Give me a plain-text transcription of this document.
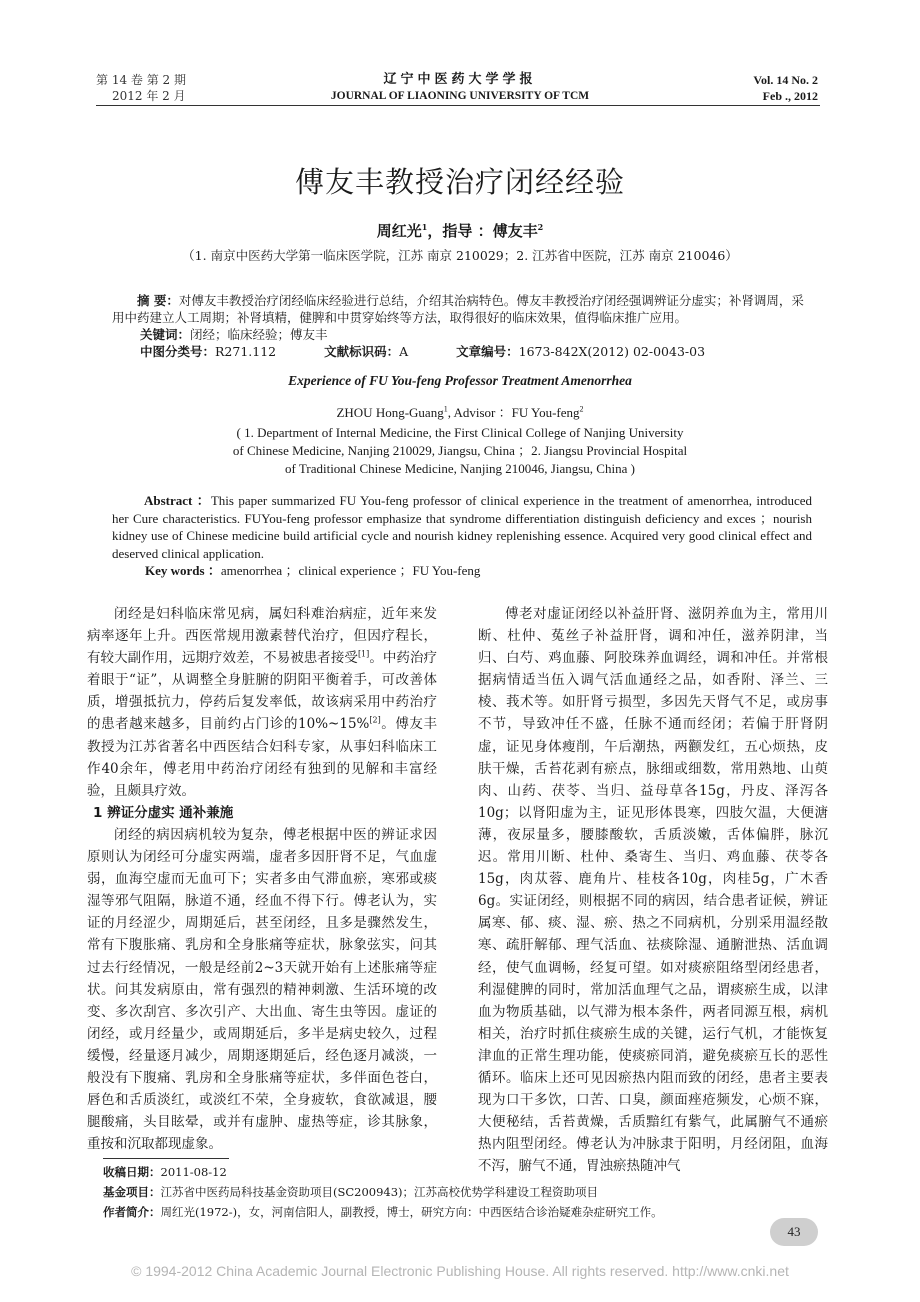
第 14 卷 第 2 期
2012 年 2 月
辽宁中医药大学学报
JOURNAL OF LIAONING UNIVERSITY OF TCM
Vol. 14 No. 2
Feb ., 2012
傅友丰教授治疗闭经经验
周红光$^1$，指导 ：傅友丰$^2$
（1. 南京中医药大学第一临床医学院，江苏 南京 210029；2. 江苏省中医院，江苏 南京 210046）
摘 要：对傅友丰教授治疗闭经临床经验进行总结，介绍其治病特色。傅友丰教授治疗闭经强调辨证分虚实；补肾调周，采用中药建立人工周期；补肾填精，健脾和中贯穿始终等方法，取得很好的临床效果，值得临床推广应用。
关键词：闭经；临床经验；傅友丰
中图分类号：R271.112	文献标识码：A	文章编号：1673-842X(2012) 02-0043-03
Experience of FU You-feng Professor Treatment Amenorrhea
ZHOU Hong-Guang$^1$, Advisor ：FU You-feng$^2$
( 1. Department of Internal Medicine, the First Clinical College of Nanjing University
of Chinese Medicine, Nanjing 210029, Jiangsu, China ；2. Jiangsu Provincial Hospital
of Traditional Chinese Medicine, Nanjing 210046, Jiangsu, China )
Abstract ：This paper summarized FU You-feng professor of clinical experience in the treatment of amenorrhea, introduced her Cure characteristics. FUYou-feng professor emphasize that syndrome differentiation distinguish deficiency and exces ；nourish kidney use of Chinese medicine build artificial cycle and nourish kidney replenishing essence. Acquired very good clinical effect and deserved clinical application.
Key words ：amenorrhea ；clinical experience ；FU You-feng

闭经是妇科临床常见病，属妇科难治病症，近年来发病率逐年上升。西医常规用激素替代治疗，但因疗程长，有较大副作用，远期疗效差，不易被患者接受[1]。中药治疗着眼于“证”，从调整全身脏腑的阴阳平衡着手，可改善体质，增强抵抗力，停药后复发率低，故该病采用中药治疗的患者越来越多，目前约占门诊的10%~15%[2]。傅友丰教授为江苏省著名中西医结合妇科专家，从事妇科临床工作40余年，傅老用中药治疗闭经有独到的见解和丰富经验，且颇具疗效。

1 辨证分虚实 通补兼施

闭经的病因病机较为复杂，傅老根据中医的辨证求因原则认为闭经可分虚实两端，虚者多因肝肾不足，气血虚弱，血海空虚而无血可下；实者多由气滞血瘀，寒邪或痰湿等邪气阻隔，脉道不通，经血不得下行。傅老认为，实证的月经涩少，周期延后，甚至闭经，且多是骤然发生，常有下腹胀痛、乳房和全身胀痛等症状，脉象弦实，问其过去行经情况，一般是经前2~3天就开始有上述胀痛等症状。问其发病原由，常有强烈的精神刺激、生活环境的改变、多次刮宫、多次引产、大出血、寄生虫等因。虚证的闭经，或月经量少，或周期延后，多半是病史较久，过程缓慢，经量逐月减少，周期逐期延后，经色逐月减淡，一般没有下腹痛、乳房和全身胀痛等症状，多伴面色苍白，唇色和舌质淡红，或淡红不荣，全身疲软，食欲减退，腰腿酸痛，头目眩晕，或并有虚肿、虚热等症，诊其脉象，重按和沉取都现虚象。

傅老对虚证闭经以补益肝肾、滋阴养血为主，常用川断、杜仲、菟丝子补益肝肾，调和冲任，滋养阴津，当归、白芍、鸡血藤、阿胶珠养血调经，调和冲任。并常根据病情适当伍入调气活血通经之品，如香附、泽兰、三棱、莪术等。如肝肾亏损型，多因先天肾气不足，或房事不节，导致冲任不盛，任脉不通而经闭；若偏于肝肾阴虚，证见身体瘦削，午后潮热，两颧发红，五心烦热，皮肤干燥，舌苔花剥有瘀点，脉细或细数，常用熟地、山萸肉、山药、茯苓、当归、益母草各15g，丹皮、泽泻各10g；以肾阳虚为主，证见形体畏寒，四肢欠温，大便溏薄，夜尿量多，腰膝酸软，舌质淡嫩，舌体偏胖，脉沉迟。常用川断、杜仲、桑寄生、当归、鸡血藤、茯苓各15g，肉苁蓉、鹿角片、桂枝各10g，肉桂5g，广木香6g。实证闭经，则根据不同的病因，结合患者证候，辨证属寒、郁、痰、湿、瘀、热之不同病机，分别采用温经散寒、疏肝解郁、理气活血、祛痰除湿、通腑泄热、活血调经，使气血调畅，经复可望。如对痰瘀阻络型闭经患者，利湿健脾的同时，常加活血理气之品，谓痰瘀生成，以津血为物质基础，以气滞为根本条件，两者同源互根，病机相关，治疗时抓住痰瘀生成的关键，运行气机，才能恢复津血的正常生理功能，使痰瘀同消，避免痰瘀互长的恶性循环。临床上还可见因瘀热内阻而致的闭经，患者主要表现为口干多饮，口苦、口臭，颜面痤疮频发，心烦不寐，大便秘结，舌苔黄燥，舌质黯红有紫气，此属腑气不通瘀热内阻型闭经。傅老认为冲脉隶于阳明，月经闭阻，血海不泻，腑气不通，胃浊瘀热随冲气

收稿日期：2011-08-12
基金项目：江苏省中医药局科技基金资助项目(SC200943)；江苏高校优势学科建设工程资助项目
作者简介：周红光(1972-)，女，河南信阳人，副教授，博士，研究方向：中西医结合诊治疑难杂症研究工作。
43
© 1994-2012 China Academic Journal Electronic Publishing House. All rights reserved. http://www.cnki.net
